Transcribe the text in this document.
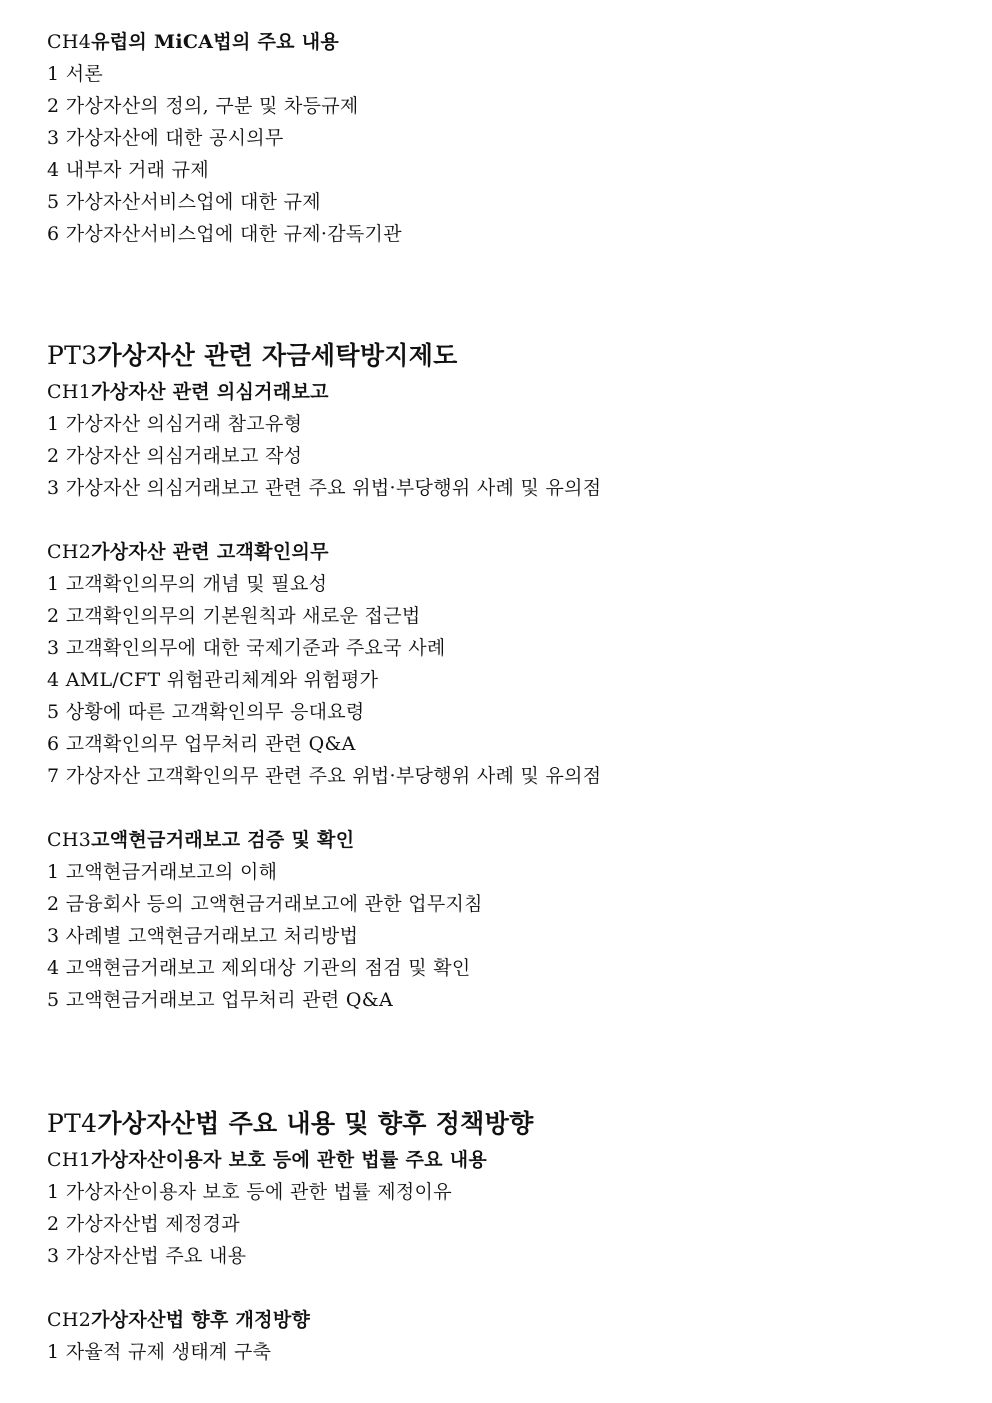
CH4유럽의 MiCA법의 주요 내용
1 서론
2 가상자산의 정의, 구분 및 차등규제
3 가상자산에 대한 공시의무
4 내부자 거래 규제
5 가상자산서비스업에 대한 규제
6 가상자산서비스업에 대한 규제·감독기관
PT3가상자산 관련 자금세탁방지제도
CH1가상자산 관련 의심거래보고
1 가상자산 의심거래 참고유형
2 가상자산 의심거래보고 작성
3 가상자산 의심거래보고 관련 주요 위법·부당행위 사례 및 유의점
CH2가상자산 관련 고객확인의무
1 고객확인의무의 개념 및 필요성
2 고객확인의무의 기본원칙과 새로운 접근법
3 고객확인의무에 대한 국제기준과 주요국 사례
4 AML/CFT 위험관리체계와 위험평가
5 상황에 따른 고객확인의무 응대요령
6 고객확인의무 업무처리 관련 Q&A
7 가상자산 고객확인의무 관련 주요 위법·부당행위 사례 및 유의점
CH3고액현금거래보고 검증 및 확인
1 고액현금거래보고의 이해
2 금융회사 등의 고액현금거래보고에 관한 업무지침
3 사례별 고액현금거래보고 처리방법
4 고액현금거래보고 제외대상 기관의 점검 및 확인
5 고액현금거래보고 업무처리 관련 Q&A
PT4가상자산법 주요 내용 및 향후 정책방향
CH1가상자산이용자 보호 등에 관한 법률 주요 내용
1 가상자산이용자 보호 등에 관한 법률 제정이유
2 가상자산법 제정경과
3 가상자산법 주요 내용
CH2가상자산법 향후 개정방향
1 자율적 규제 생태계 구축
